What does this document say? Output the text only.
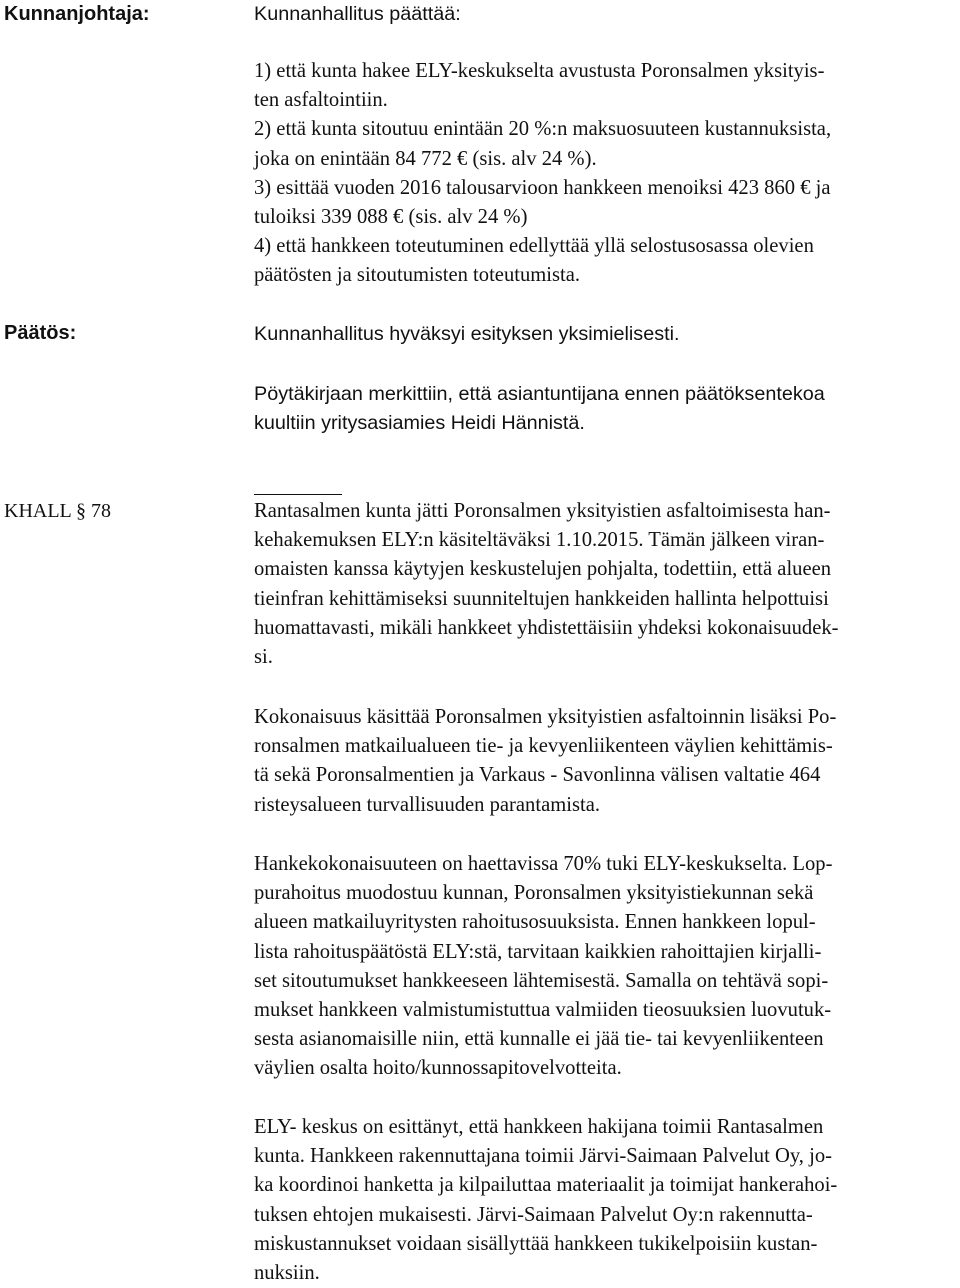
Kunnanjohtaja:
Päätös:
KHALL § 78
Kunnanhallitus päättää:

1) että kunta hakee ELY-keskukselta avustusta Poronsalmen yksityis-

ten asfaltointiin.

2) että kunta sitoutuu enintään 20 %:n maksuosuuteen kustannuksista,

joka on enintään 84 772 € (sis. alv 24 %).

3) esittää vuoden 2016 talousarvioon hankkeen menoiksi 423 860 € ja

tuloiksi 339 088 € (sis. alv 24 %)

4) että hankkeen toteutuminen edellyttää yllä selostusosassa olevien

päätösten ja sitoutumisten toteutumista.

Kunnanhallitus hyväksyi esityksen yksimielisesti.

Pöytäkirjaan merkittiin, että asiantuntijana ennen päätöksentekoa

kuultiin yritysasiamies Heidi Hännistä.

Rantasalmen kunta jätti Poronsalmen yksityistien asfaltoimisesta han-

kehakemuksen ELY:n käsiteltäväksi 1.10.2015. Tämän jälkeen viran-

omaisten kanssa käytyjen keskustelujen pohjalta, todettiin, että alueen

tieinfran kehittämiseksi suunniteltujen hankkeiden hallinta helpottuisi

huomattavasti, mikäli hankkeet yhdistettäisiin yhdeksi kokonaisuudek-

si.

Kokonaisuus käsittää Poronsalmen yksityistien asfaltoinnin lisäksi Po-

ronsalmen matkailualueen tie- ja kevyenliikenteen väylien kehittämis-

tä sekä Poronsalmentien ja Varkaus - Savonlinna välisen valtatie 464

risteysalueen turvallisuuden parantamista.

Hankekokonaisuuteen on haettavissa 70% tuki ELY-keskukselta. Lop-

purahoitus muodostuu kunnan, Poronsalmen yksityistiekunnan sekä

alueen matkailuyritysten rahoitusosuuksista. Ennen hankkeen lopul-

lista rahoituspäätöstä ELY:stä, tarvitaan kaikkien rahoittajien kirjalli-

set sitoutumukset hankkeeseen lähtemisestä. Samalla on tehtävä sopi-

mukset hankkeen valmistumistuttua valmiiden tieosuuksien luovutuk-

sesta asianomaisille niin, että kunnalle ei jää tie- tai kevyenliikenteen

väylien osalta hoito/kunnossapitovelvotteita.

ELY- keskus on esittänyt, että hankkeen hakijana toimii Rantasalmen

kunta. Hankkeen rakennuttajana toimii Järvi-Saimaan Palvelut Oy, jo-

ka koordinoi hanketta ja kilpailuttaa materiaalit ja toimijat hankerahoi-

tuksen ehtojen mukaisesti. Järvi-Saimaan Palvelut Oy:n rakennutta-

miskustannukset voidaan sisällyttää hankkeen tukikelpoisiin kustan-

nuksiin.
